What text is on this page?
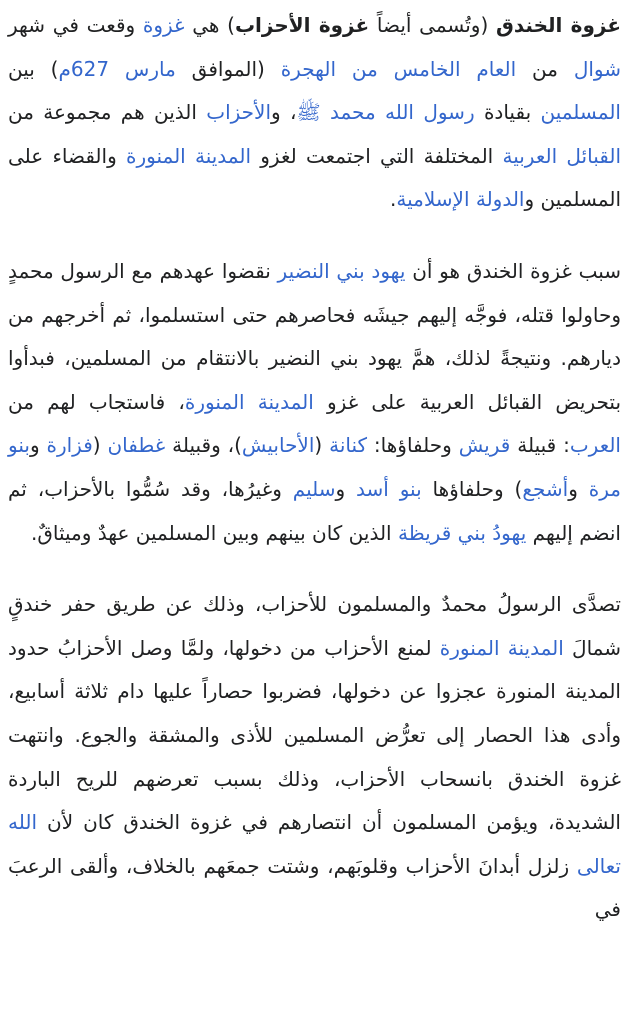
غزوة الخندق (وتُسمى أيضاً غزوة الأحزاب) هي غزوة وقعت في شهر شوال من العام الخامس من الهجرة (الموافق مارس 627م) بين المسلمين بقيادة رسول الله محمد ﷺ، والأحزاب الذين هم مجموعة من القبائل العربية المختلفة التي اجتمعت لغزو المدينة المنورة والقضاء على المسلمين والدولة الإسلامية.

سبب غزوة الخندق هو أن يهود بني النضير نقضوا عهدهم مع الرسول محمدٍ وحاولوا قتله، فوجَّه إليهم جيشَه فحاصرهم حتى استسلموا، ثم أخرجهم من ديارهم. ونتيجةً لذلك، همَّ يهود بني النضير بالانتقام من المسلمين، فبدأوا بتحريض القبائل العربية على غزو المدينة المنورة، فاستجاب لهم من العرب: قبيلة قريش وحلفاؤها: كنانة (الأحابيش)، وقبيلة غطفان (فزارة وبنو مرة وأشجع) وحلفاؤها بنو أسد وسليم وغيرُها، وقد سُمُّوا بالأحزاب، ثم انضم إليهم يهودُ بني قريظة الذين كان بينهم وبين المسلمين عهدٌ وميثاقٌ.

تصدَّى الرسولُ محمدٌ والمسلمون للأحزاب، وذلك عن طريق حفر خندقٍ شمالَ المدينة المنورة لمنع الأحزاب من دخولها، ولمَّا وصل الأحزابُ حدود المدينة المنورة عجزوا عن دخولها، فضربوا حصاراً عليها دام ثلاثة أسابيع، وأدى هذا الحصار إلى تعرُّض المسلمين للأذى والمشقة والجوع. وانتهت غزوة الخندق بانسحاب الأحزاب، وذلك بسبب تعرضهم للريح الباردة الشديدة، ويؤمن المسلمون أن انتصارهم في غزوة الخندق كان لأن الله تعالى زلزل أبدانَ الأحزاب وقلوبَهم، وشتت جمعَهم بالخلاف، وألقى الرعبَ في
